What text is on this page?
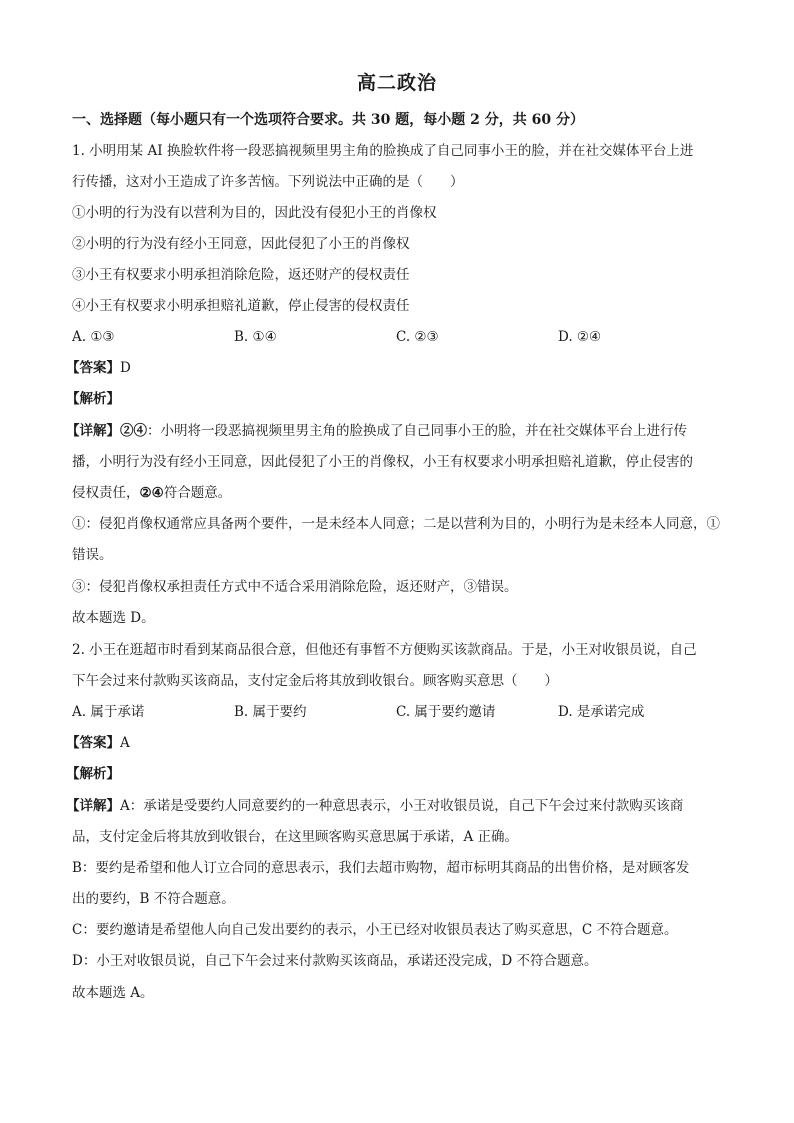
高二政治
一、选择题（每小题只有一个选项符合要求。共 30 题，每小题 2 分，共 60 分）
1. 小明用某 AI 换脸软件将一段恶搞视频里男主角的脸换成了自己同事小王的脸，并在社交媒体平台上进
行传播，这对小王造成了许多苦恼。下列说法中正确的是（　　）
①小明的行为没有以营利为目的，因此没有侵犯小王的肖像权
②小明的行为没有经小王同意，因此侵犯了小王的肖像权
③小王有权要求小明承担消除危险，返还财产的侵权责任
④小王有权要求小明承担赔礼道歉，停止侵害的侵权责任
A. ①③	B. ①④	C. ②③	D. ②④
【答案】D
【解析】
【详解】②④：小明将一段恶搞视频里男主角的脸换成了自己同事小王的脸，并在社交媒体平台上进行传
播，小明行为没有经小王同意，因此侵犯了小王的肖像权，小王有权要求小明承担赔礼道歉，停止侵害的
侵权责任，②④符合题意。
①：侵犯肖像权通常应具备两个要件，一是未经本人同意；二是以营利为目的，小明行为是未经本人同意，①
错误。
③：侵犯肖像权承担责任方式中不适合采用消除危险，返还财产，③错误。
故本题选 D。
2. 小王在逛超市时看到某商品很合意，但他还有事暂不方便购买该款商品。于是，小王对收银员说，自己
下午会过来付款购买该商品，支付定金后将其放到收银台。顾客购买意思（　　）
A. 属于承诺	B. 属于要约	C. 属于要约邀请	D. 是承诺完成
【答案】A
【解析】
【详解】A：承诺是受要约人同意要约的一种意思表示，小王对收银员说，自己下午会过来付款购买该商
品，支付定金后将其放到收银台，在这里顾客购买意思属于承诺，A 正确。
B：要约是希望和他人订立合同的意思表示，我们去超市购物，超市标明其商品的出售价格，是对顾客发
出的要约，B 不符合题意。
C：要约邀请是希望他人向自己发出要约的表示，小王已经对收银员表达了购买意思，C 不符合题意。
D：小王对收银员说，自己下午会过来付款购买该商品，承诺还没完成，D 不符合题意。
故本题选 A。
